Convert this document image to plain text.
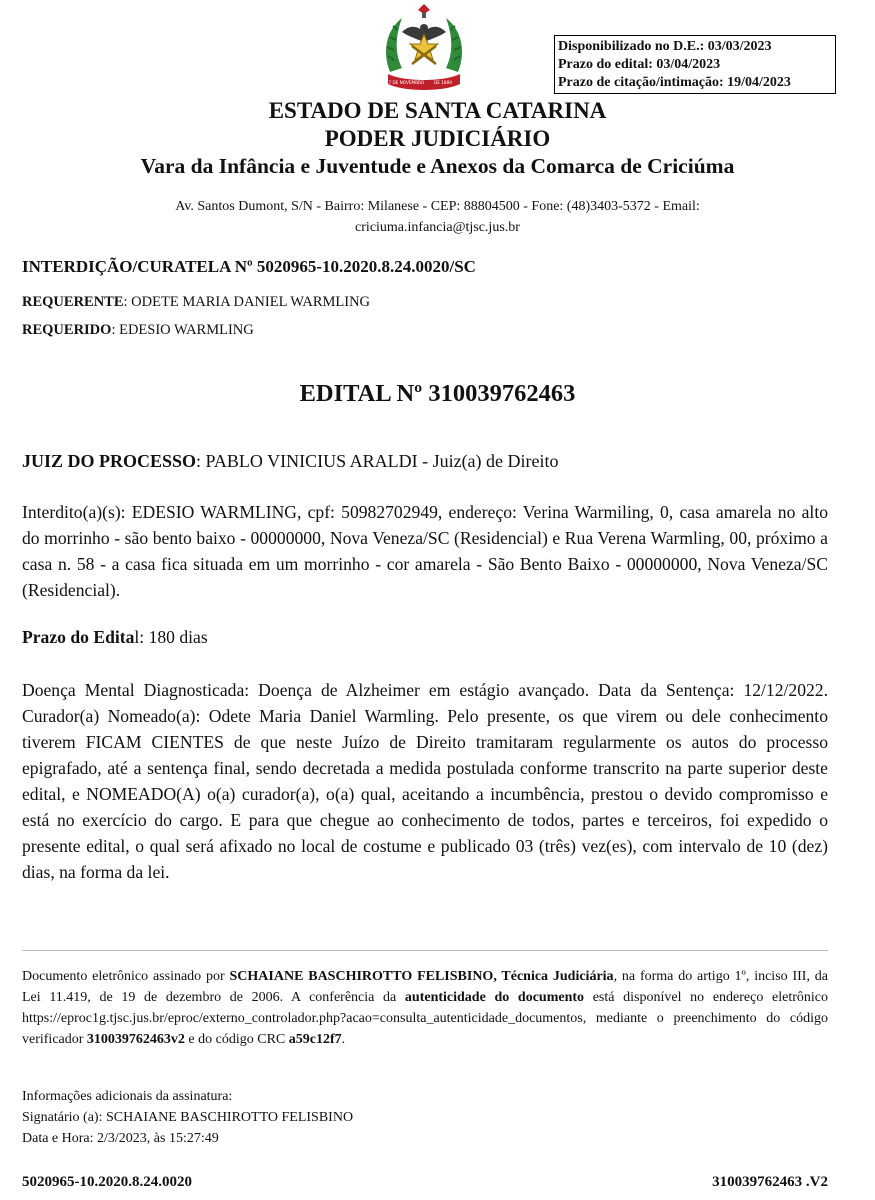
17 DE NOVEMBRO DE 1889
Disponibilizado no D.E.: 03/03/2023
Prazo do edital: 03/04/2023
Prazo de citação/intimação: 19/04/2023
ESTADO DE SANTA CATARINA
PODER JUDICIÁRIO
Vara da Infância e Juventude e Anexos da Comarca de Criciúma
Av. Santos Dumont, S/N - Bairro: Milanese - CEP: 88804500 - Fone: (48)3403-5372 - Email: criciuma.infancia@tjsc.jus.br
INTERDIÇÃO/CURATELA Nº 5020965-10.2020.8.24.0020/SC
REQUERENTE: ODETE MARIA DANIEL WARMLING
REQUERIDO: EDESIO WARMLING
EDITAL Nº 310039762463
JUIZ DO PROCESSO: PABLO VINICIUS ARALDI - Juiz(a) de Direito
Interdito(a)(s): EDESIO WARMLING, cpf: 50982702949, endereço: Verina Warmiling, 0, casa amarela no alto do morrinho - são bento baixo - 00000000, Nova Veneza/SC (Residencial) e Rua Verena Warmling, 00, próximo a casa n. 58 - a casa fica situada em um morrinho - cor amarela - São Bento Baixo - 00000000, Nova Veneza/SC (Residencial).
Prazo do Edital: 180 dias
Doença Mental Diagnosticada: Doença de Alzheimer em estágio avançado. Data da Sentença: 12/12/2022. Curador(a) Nomeado(a): Odete Maria Daniel Warmling. Pelo presente, os que virem ou dele conhecimento tiverem FICAM CIENTES de que neste Juízo de Direito tramitaram regularmente os autos do processo epigrafado, até a sentença final, sendo decretada a medida postulada conforme transcrito na parte superior deste edital, e NOMEADO(A) o(a) curador(a), o(a) qual, aceitando a incumbência, prestou o devido compromisso e está no exercício do cargo. E para que chegue ao conhecimento de todos, partes e terceiros, foi expedido o presente edital, o qual será afixado no local de costume e publicado 03 (três) vez(es), com intervalo de 10 (dez) dias, na forma da lei.
Documento eletrônico assinado por SCHAIANE BASCHIROTTO FELISBINO, Técnica Judiciária, na forma do artigo 1º, inciso III, da Lei 11.419, de 19 de dezembro de 2006. A conferência da autenticidade do documento está disponível no endereço eletrônico https://eproc1g.tjsc.jus.br/eproc/externo_controlador.php?acao=consulta_autenticidade_documentos, mediante o preenchimento do código verificador 310039762463v2 e do código CRC a59c12f7.
Informações adicionais da assinatura:
Signatário (a): SCHAIANE BASCHIROTTO FELISBINO
Data e Hora: 2/3/2023, às 15:27:49
5020965-10.2020.8.24.0020	310039762463 .V2
